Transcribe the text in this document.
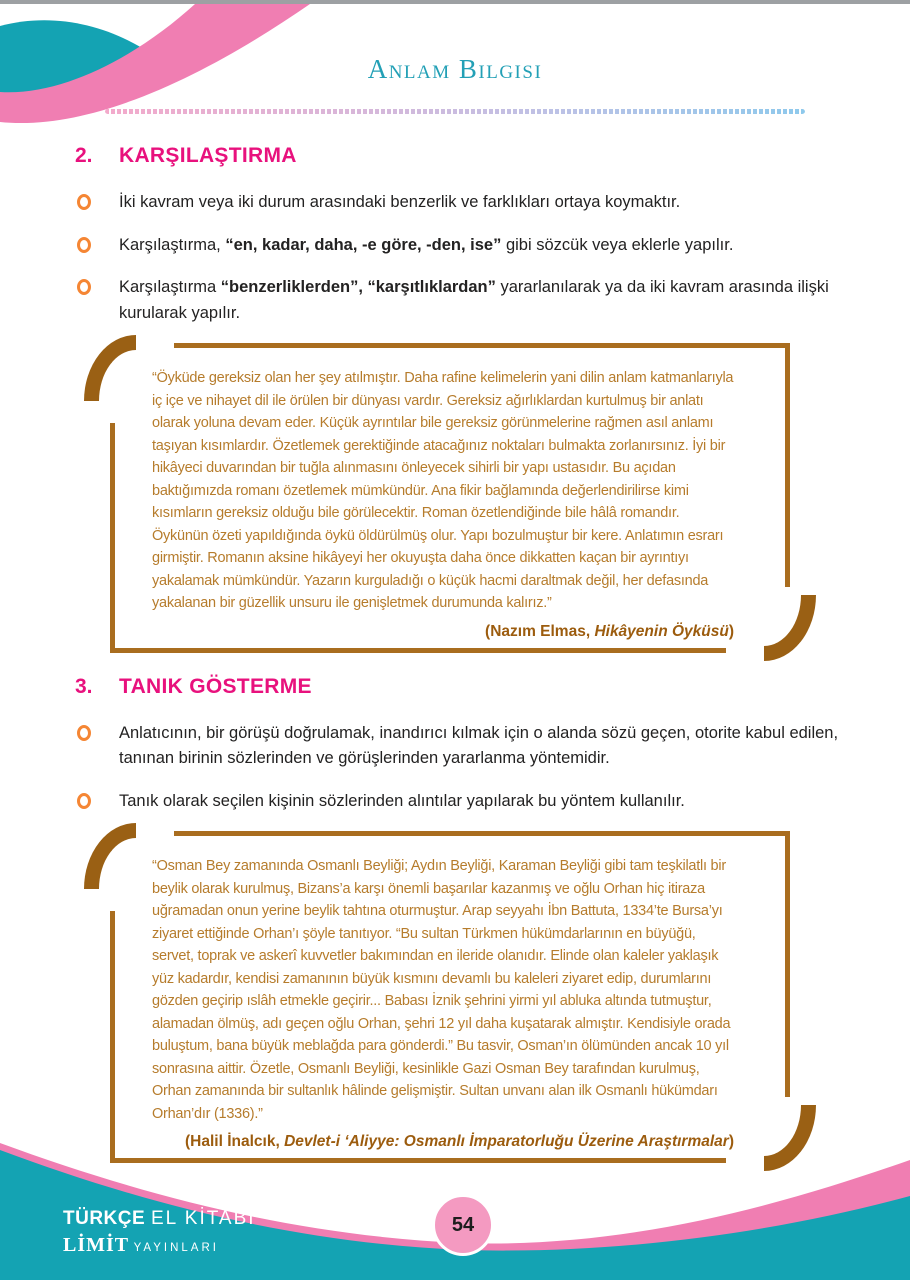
Anlam Bilgisi
2.	KARŞILAŞTIRMA
İki kavram veya iki durum arasındaki benzerlik ve farklıkları ortaya koymaktır.
Karşılaştırma, “en, kadar, daha, -e göre, -den, ise” gibi sözcük veya eklerle yapılır.
Karşılaştırma “benzerliklerden”, “karşıtlıklardan” yararlanılarak ya da iki kavram arasında ilişki kurularak yapılır.
“Öyküde gereksiz olan her şey atılmıştır. Daha rafine kelimelerin yani dilin anlam katmanlarıyla iç içe ve nihayet dil ile örülen bir dünyası vardır. Gereksiz ağırlıklardan kurtulmuş bir anlatı olarak yoluna devam eder. Küçük ayrıntılar bile gereksiz görünmelerine rağmen asıl anlamı taşıyan kısımlardır. Özetlemek gerektiğinde atacağınız noktaları bulmakta zorlanırsınız. İyi bir hikâyeci duvarından bir tuğla alınmasını önleyecek sihirli bir yapı ustasıdır. Bu açıdan baktığımızda romanı özetlemek mümkündür. Ana fikir bağlamında değerlendirilirse kimi kısımların gereksiz olduğu bile görülecektir. Roman özetlendiğinde bile hâlâ romandır. Öykünün özeti yapıldığında öykü öldürülmüş olur. Yapı bozulmuştur bir kere. Anlatımın esrarı girmiştir. Romanın aksine hikâyeyi her okuyuşta daha önce dikkatten kaçan bir ayrıntıyı yakalamak mümkündür. Yazarın kurguladığı o küçük hacmi daraltmak değil, her defasında yakalanan bir güzellik unsuru ile genişletmek durumunda kalırız.”
(Nazım Elmas, Hikâyenin Öyküsü)
3.	TANIK GÖSTERME
Anlatıcının, bir görüşü doğrulamak, inandırıcı kılmak için o alanda sözü geçen, otorite kabul edilen, tanınan birinin sözlerinden ve görüşlerinden yararlanma yöntemidir.
Tanık olarak seçilen kişinin sözlerinden alıntılar yapılarak bu yöntem kullanılır.
“Osman Bey zamanında Osmanlı Beyliği; Aydın Beyliği, Karaman Beyliği gibi tam teşkilatlı bir beylik olarak kurulmuş, Bizans’a karşı önemli başarılar kazanmış ve oğlu Orhan hiç itiraza uğramadan onun yerine beylik tahtına oturmuştur. Arap seyyahı İbn Battuta, 1334’te Bursa’yı ziyaret ettiğinde Orhan’ı şöyle tanıtıyor. “Bu sultan Türkmen hükümdarlarının en büyüğü, servet, toprak ve askerî kuvvetler bakımından en ileride olanıdır. Elinde olan kaleler yaklaşık yüz kadardır, kendisi zamanının büyük kısmını devamlı bu kaleleri ziyaret edip, durumlarını gözden geçirip ıslâh etmekle geçirir... Babası İznik şehrini yirmi yıl abluka altında tutmuştur, alamadan ölmüş, adı geçen oğlu Orhan, şehri 12 yıl daha kuşatarak almıştır. Kendisiyle orada buluştum, bana büyük meblağda para gönderdi.” Bu tasvir, Osman’ın ölümünden ancak 10 yıl sonrasına aittir. Özetle, Osmanlı Beyliği, kesinlikle Gazi Osman Bey tarafından kurulmuş, Orhan zamanında bir sultanlık hâlinde gelişmiştir. Sultan unvanı alan ilk Osmanlı hükümdarı Orhan’dır (1336).”
(Halil İnalcık, Devlet-i ‘Aliyye: Osmanlı İmparatorluğu Üzerine Araştırmalar)
TÜRKÇE EL KİTABI
LİMİT YAYINLARI
54
